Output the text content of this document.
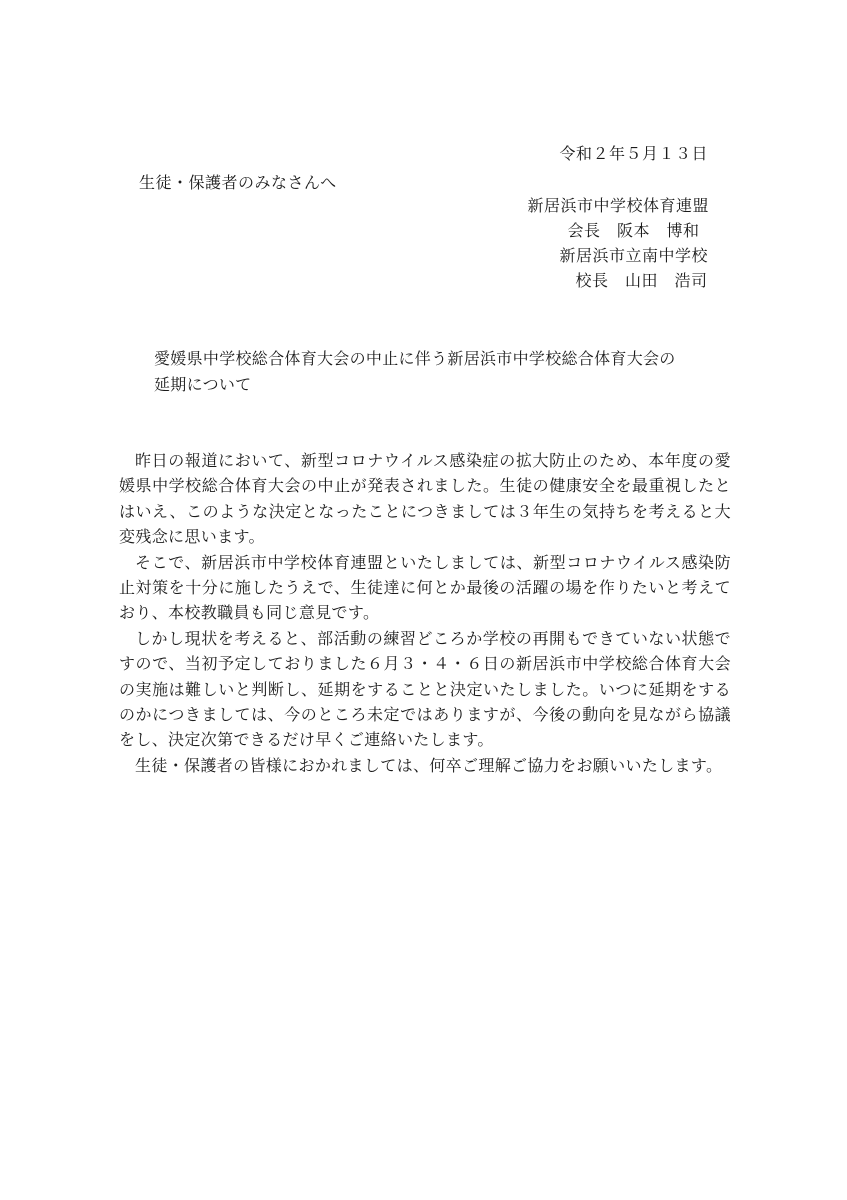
令和２年５月１３日
生徒・保護者のみなさんへ
新居浜市中学校体育連盟
会長　阪本　博和
新居浜市立南中学校
校長　山田　浩司
愛媛県中学校総合体育大会の中止に伴う新居浜市中学校総合体育大会の
延期について

昨日の報道において、新型コロナウイルス感染症の拡大防止のため、本年度の愛媛県中学校総合体育大会の中止が発表されました。生徒の健康安全を最重視したとはいえ、このような決定となったことにつきましては３年生の気持ちを考えると大変残念に思います。

そこで、新居浜市中学校体育連盟といたしましては、新型コロナウイルス感染防止対策を十分に施したうえで、生徒達に何とか最後の活躍の場を作りたいと考えており、本校教職員も同じ意見です。

しかし現状を考えると、部活動の練習どころか学校の再開もできていない状態ですので、当初予定しておりました６月３・４・６日の新居浜市中学校総合体育大会の実施は難しいと判断し、延期をすることと決定いたしました。いつに延期をするのかにつきましては、今のところ未定ではありますが、今後の動向を見ながら協議をし、決定次第できるだけ早くご連絡いたします。

生徒・保護者の皆様におかれましては、何卒ご理解ご協力をお願いいたします。
